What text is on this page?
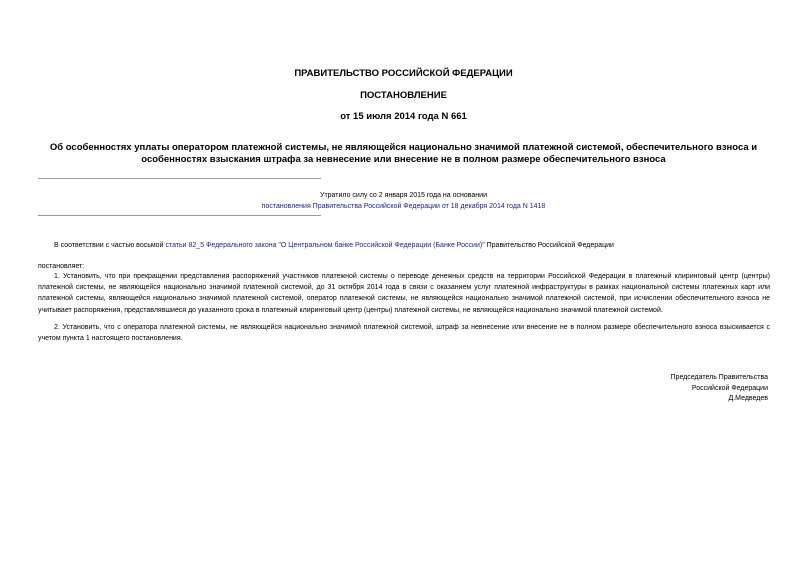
ПРАВИТЕЛЬСТВО РОССИЙСКОЙ ФЕДЕРАЦИИ
ПОСТАНОВЛЕНИЕ
от 15 июля 2014 года N 661
Об особенностях уплаты оператором платежной системы, не являющейся национально значимой платежной системой, обеспечительного взноса и особенностях взыскания штрафа за невнесение или внесение не в полном размере обеспечительного взноса
Утратило силу со 2 января 2015 года на основании
постановления Правительства Российской Федерации от 18 декабря 2014 года N 1418
В соответствии с частью восьмой статьи 82_5 Федерального закона "О Центральном банке Российской Федерации (Банке России)" Правительство Российской Федерации
постановляет:
1. Установить, что при прекращении представления распоряжений участников платежной системы о переводе денежных средств на территории Российской Федерации в платежный клиринговый центр (центры) платежной системы, не являющейся национально значимой платежной системой, до 31 октября 2014 года в связи с оказанием услуг платежной инфраструктуры в рамках национальной системы платежных карт или платежной системы, являющейся национально значимой платежной системой, оператор платежной системы, не являющейся национально значимой платежной системой, при исчислении обеспечительного взноса не учитывает распоряжения, представлявшиеся до указанного срока в платежный клиринговый центр (центры) платежной системы, не являющейся национально значимой платежной системой.
2. Установить, что с оператора платежной системы, не являющейся национально значимой платежной системой, штраф за невнесение или внесение не в полном размере обеспечительного взноса взыскивается с учетом пункта 1 настоящего постановления.
Председатель Правительства
Российской Федерации
Д.Медведев
